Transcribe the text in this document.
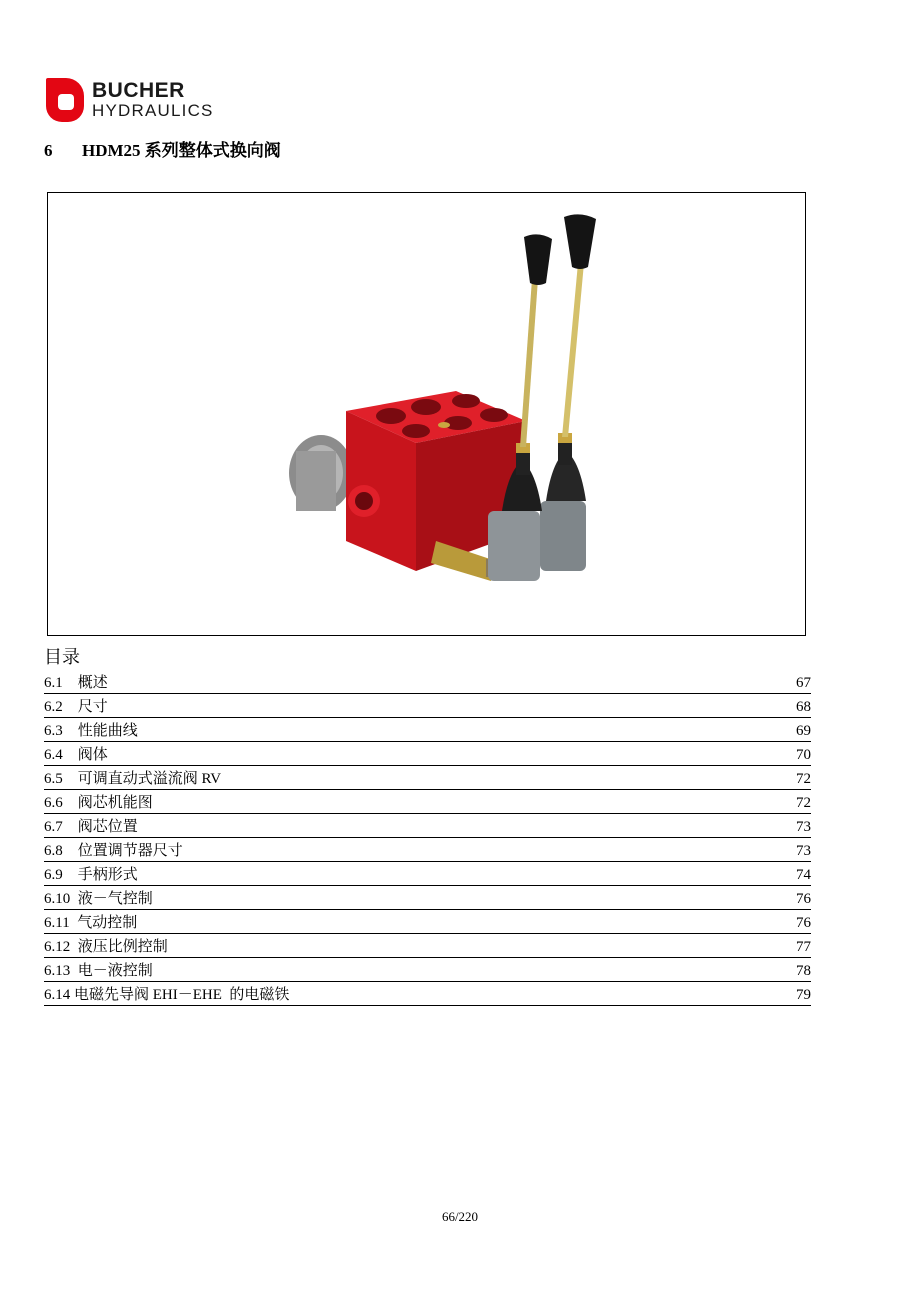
BUCHER
HYDRAULICS
6 HDM25 系列整体式换向阀
目录
6.1    概述	67
6.2    尺寸	68
6.3    性能曲线	69
6.4    阀体	70
6.5    可调直动式溢流阀 RV	72
6.6    阀芯机能图	72
6.7    阀芯位置	73
6.8    位置调节器尺寸	73
6.9    手柄形式	74
6.10  液－气控制	76
6.11  气动控制	76
6.12  液压比例控制	77
6.13  电－液控制	78
6.14 电磁先导阀 EHI－EHE  的电磁铁	79
66/220
